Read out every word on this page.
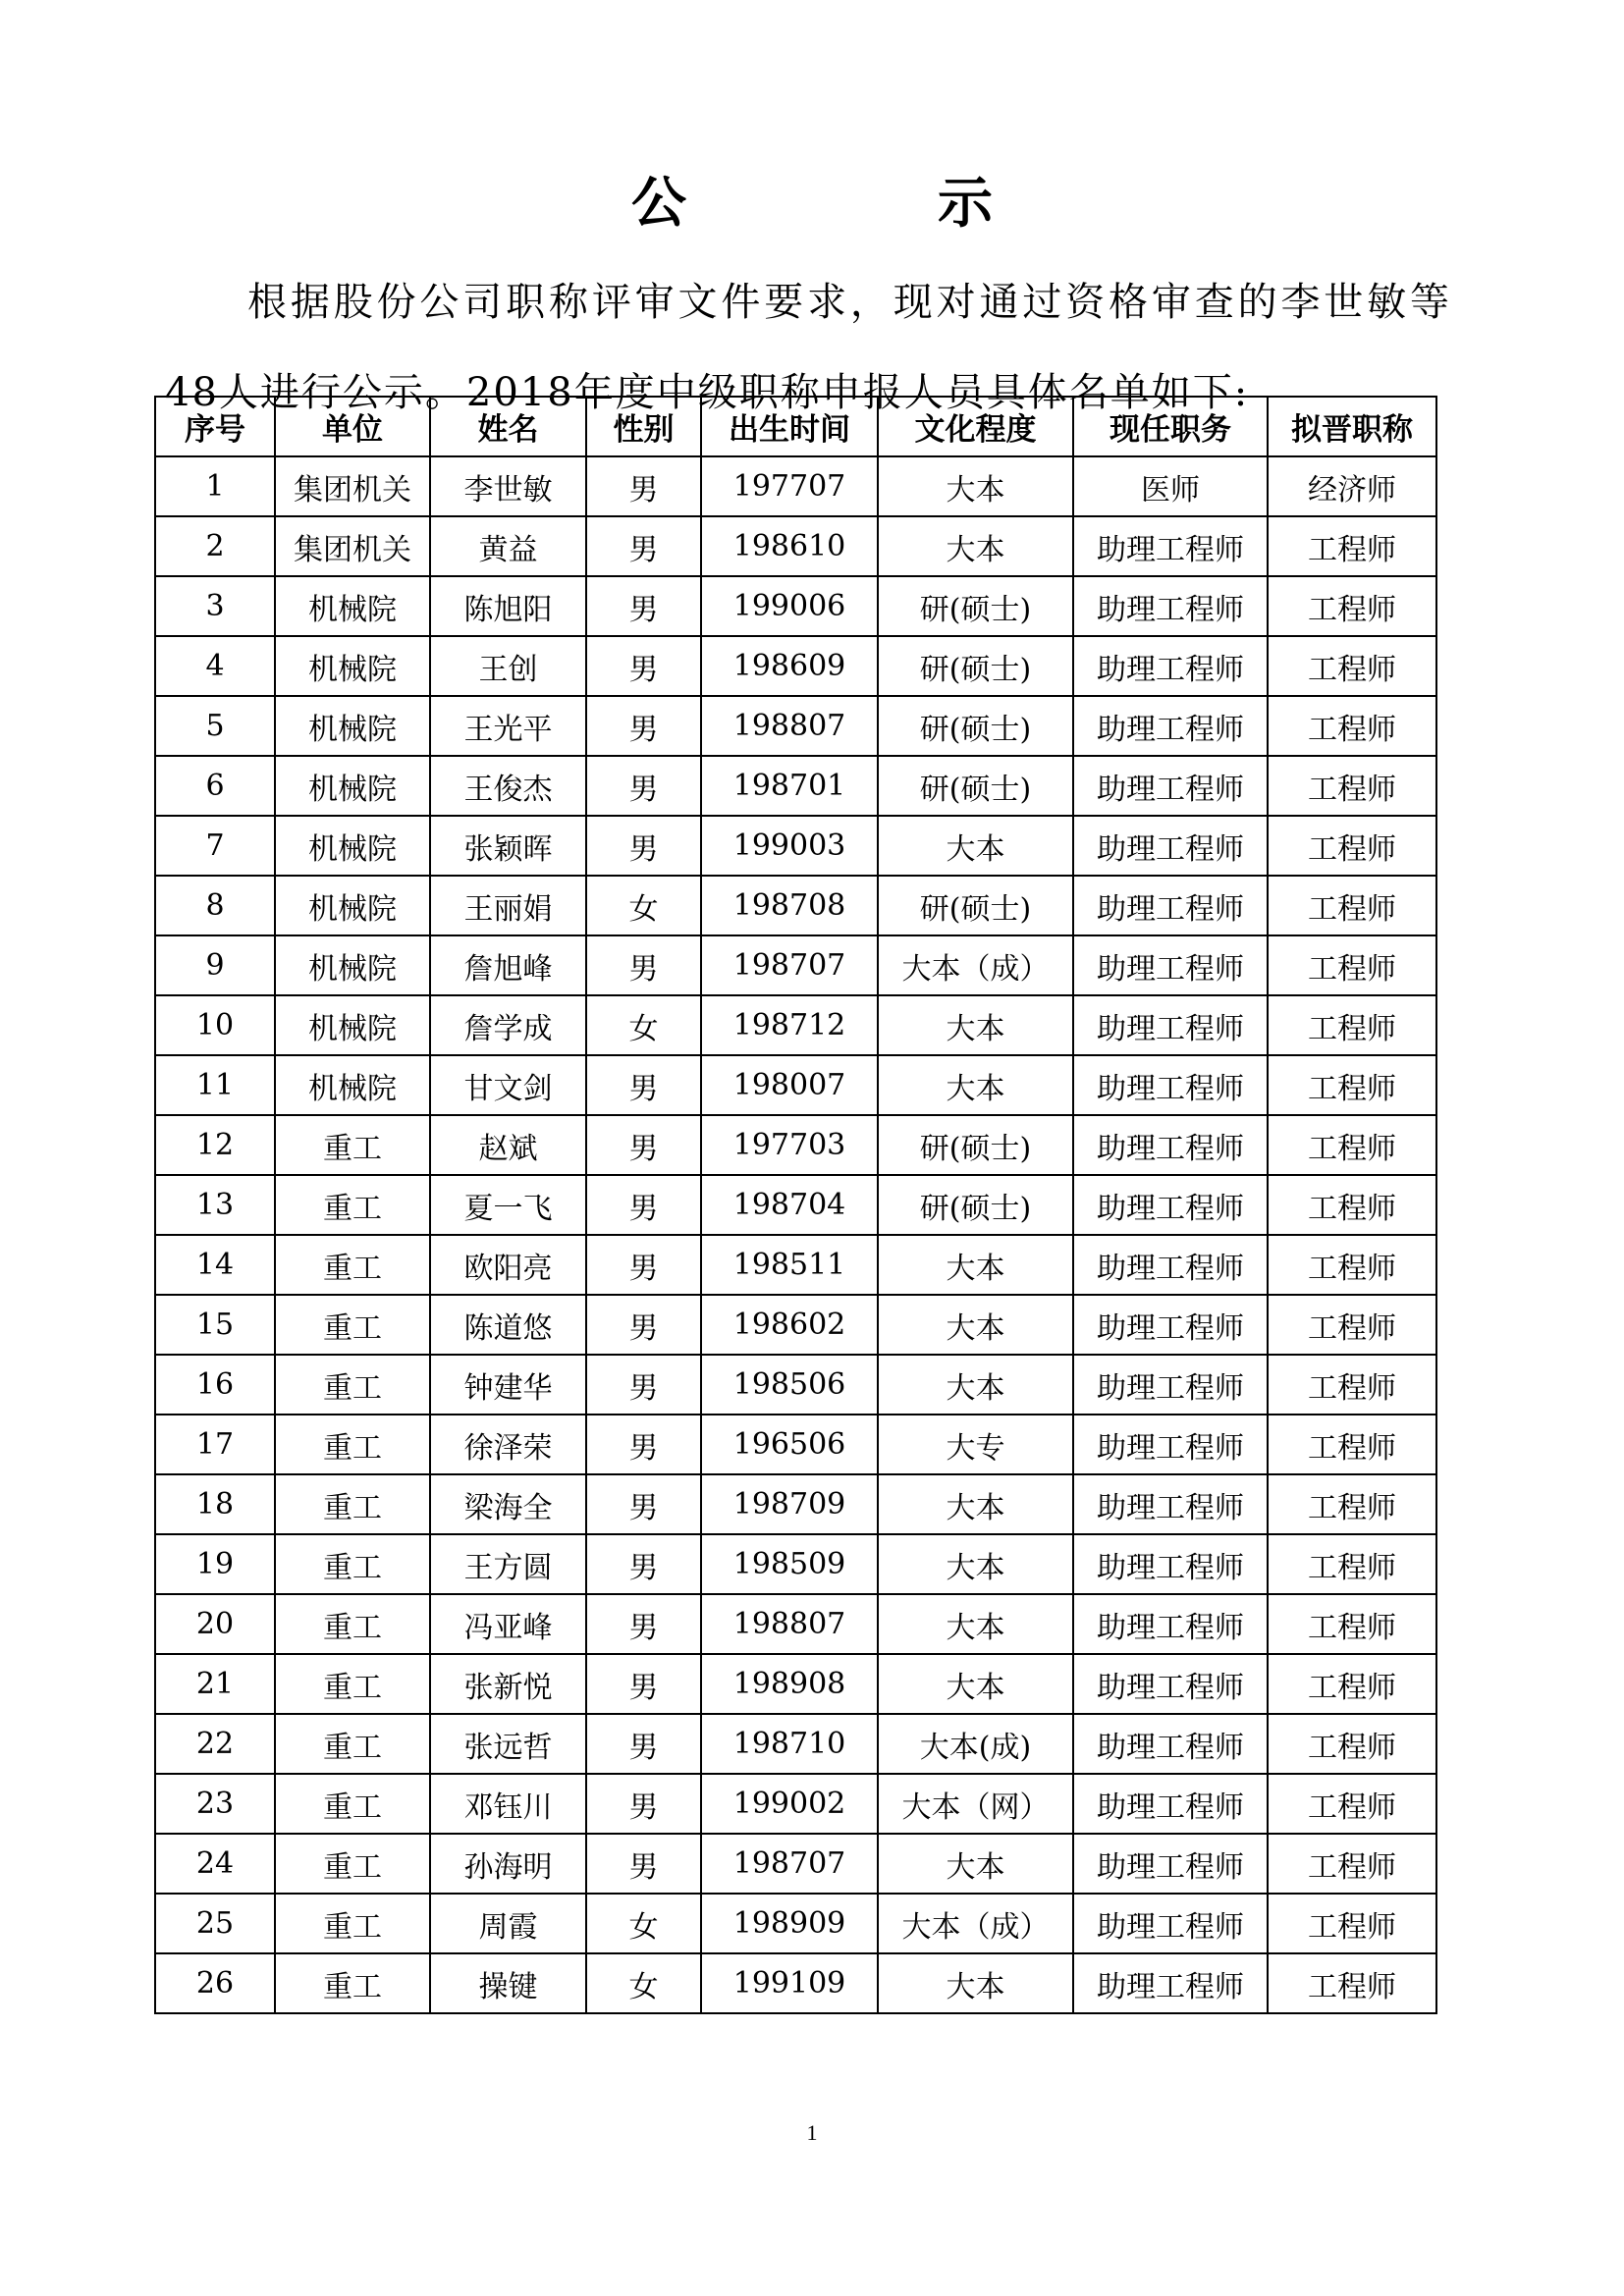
公　示
根据股份公司职称评审文件要求，现对通过资格审查的李世敏等48人进行公示。2018年度中级职称申报人员具体名单如下:
序号	单位	姓名	性别	出生时间	文化程度	现任职务	拟晋职称
1	集团机关	李世敏	男	197707	大本	医师	经济师
2	集团机关	黄益	男	198610	大本	助理工程师	工程师
3	机械院	陈旭阳	男	199006	研(硕士)	助理工程师	工程师
4	机械院	王创	男	198609	研(硕士)	助理工程师	工程师
5	机械院	王光平	男	198807	研(硕士)	助理工程师	工程师
6	机械院	王俊杰	男	198701	研(硕士)	助理工程师	工程师
7	机械院	张颖晖	男	199003	大本	助理工程师	工程师
8	机械院	王丽娟	女	198708	研(硕士)	助理工程师	工程师
9	机械院	詹旭峰	男	198707	大本（成）	助理工程师	工程师
10	机械院	詹学成	女	198712	大本	助理工程师	工程师
11	机械院	甘文剑	男	198007	大本	助理工程师	工程师
12	重工	赵斌	男	197703	研(硕士)	助理工程师	工程师
13	重工	夏一飞	男	198704	研(硕士)	助理工程师	工程师
14	重工	欧阳亮	男	198511	大本	助理工程师	工程师
15	重工	陈道悠	男	198602	大本	助理工程师	工程师
16	重工	钟建华	男	198506	大本	助理工程师	工程师
17	重工	徐泽荣	男	196506	大专	助理工程师	工程师
18	重工	梁海全	男	198709	大本	助理工程师	工程师
19	重工	王方圆	男	198509	大本	助理工程师	工程师
20	重工	冯亚峰	男	198807	大本	助理工程师	工程师
21	重工	张新悦	男	198908	大本	助理工程师	工程师
22	重工	张远哲	男	198710	大本(成)	助理工程师	工程师
23	重工	邓钰川	男	199002	大本（网）	助理工程师	工程师
24	重工	孙海明	男	198707	大本	助理工程师	工程师
25	重工	周霞	女	198909	大本（成）	助理工程师	工程师
26	重工	操键	女	199109	大本	助理工程师	工程师
1
